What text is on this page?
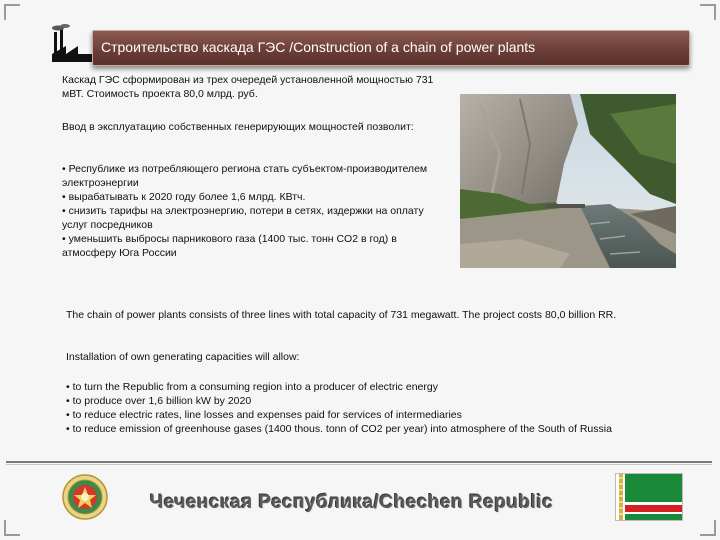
Строительство каскада ГЭС /Construction of a chain of power plants

Каскад ГЭС сформирован из трех очередей установленной мощностью 731 мВТ. Стоимость проекта 80,0 млрд. руб.

Ввод в эксплуатацию собственных генерирующих мощностей позволит:

• Республике из потребляющего региона стать субъектом-производителем электроэнергии

• вырабатывать к 2020 году более 1,6 млрд. КВтч.

• снизить тарифы на электроэнергию, потери в сетях, издержки на оплату услуг посредников

• уменьшить выбросы парникового газа (1400 тыс. тонн CO2 в год) в атмосферу Юга России

The chain of power plants consists of three lines with total capacity of 731 megawatt. The project costs 80,0 billion RR.

Installation of own generating capacities will allow:

• to turn the Republic from a consuming region into a producer of electric energy

• to produce over 1,6 billion kW by 2020

• to reduce electric rates, line losses and expenses paid for services of intermediaries

• to reduce emission of greenhouse gases (1400 thous. tonn of CO2 per year) into atmosphere of the South of Russia

Чеченская Республика/Chechen Republic
